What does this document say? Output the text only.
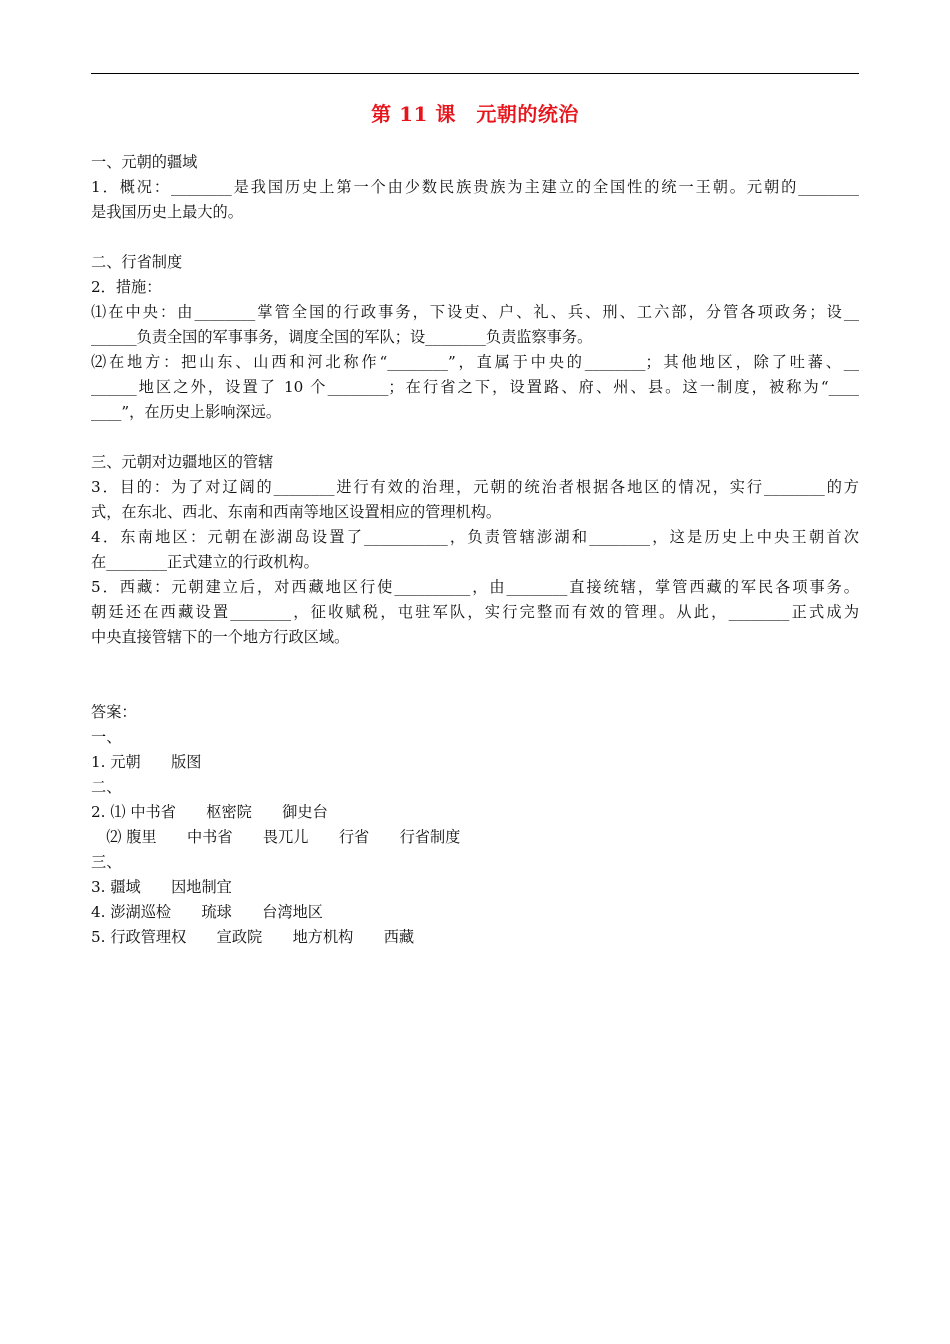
第 11 课　元朝的统治
一、元朝的疆域
1．概况：________是我国历史上第一个由少数民族贵族为主建立的全国性的统一王朝。元朝的________
是我国历史上最大的。
二、行省制度
2．措施：
⑴在中央：由________掌管全国的行政事务，下设吏、户、礼、兵、刑、工六部，分管各项政务；设__
______负责全国的军事事务，调度全国的军队；设________负责监察事务。
⑵在地方：把山东、山西和河北称作“________”，直属于中央的________；其他地区，除了吐蕃、__
______地区之外，设置了 10 个________；在行省之下，设置路、府、州、县。这一制度，被称为“____
____”，在历史上影响深远。
三、元朝对边疆地区的管辖
3．目的：为了对辽阔的________进行有效的治理，元朝的统治者根据各地区的情况，实行________的方
式，在东北、西北、东南和西南等地区设置相应的管理机构。
4．东南地区：元朝在澎湖岛设置了___________，负责管辖澎湖和________，这是历史上中央王朝首次
在________正式建立的行政机构。
5．西藏：元朝建立后，对西藏地区行使__________，由________直接统辖，掌管西藏的军民各项事务。
朝廷还在西藏设置________，征收赋税，屯驻军队，实行完整而有效的管理。从此，________正式成为
中央直接管辖下的一个地方行政区域。
答案：
一、
1. 元朝　　版图
二、
2. ⑴ 中书省　　枢密院　　御史台
　⑵ 腹里　　中书省　　畏兀儿　　行省　　行省制度
三、
3. 疆域　　因地制宜
4. 澎湖巡检　　琉球　　台湾地区
5. 行政管理权　　宣政院　　地方机构　　西藏
